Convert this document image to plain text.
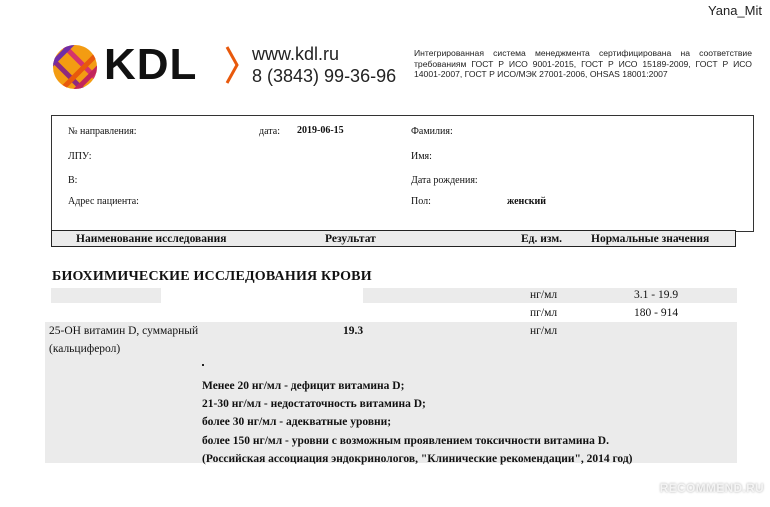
Yana_Mit
KDL	www.kdl.ru
8 (3843) 99-36-96
Интегрированная система менеджмента сертифицирована на соответствие требованиям ГОСТ Р ИСО 9001-2015, ГОСТ Р ИСО 15189-2009, ГОСТ Р ИСО 14001-2007, ГОСТ Р ИСО/МЭК 27001-2006, OHSAS 18001:2007
№ направления:	дата: 2019-06-15	Фамилия:
ЛПУ:	Имя:
В:	Дата рождения:
Адрес пациента:	Пол:	женский
Наименование исследования	Результат	Ед. изм.	Нормальные значения
БИОХИМИЧЕСКИЕ ИССЛЕДОВАНИЯ КРОВИ
нг/мл	3.1 - 19.9
пг/мл	180 - 914
25-ОН витамин D, суммарный
(кальциферол)
19.3	нг/мл
Менее 20 нг/мл - дефицит витамина D;
21-30 нг/мл - недостаточность витамина D;
более 30 нг/мл - адекватные уровни;
более 150 нг/мл - уровни с возможным проявлением токсичности витамина D.
(Российская ассоциация эндокринологов, "Клинические рекомендации", 2014 год)
RECOMMEND.RU
